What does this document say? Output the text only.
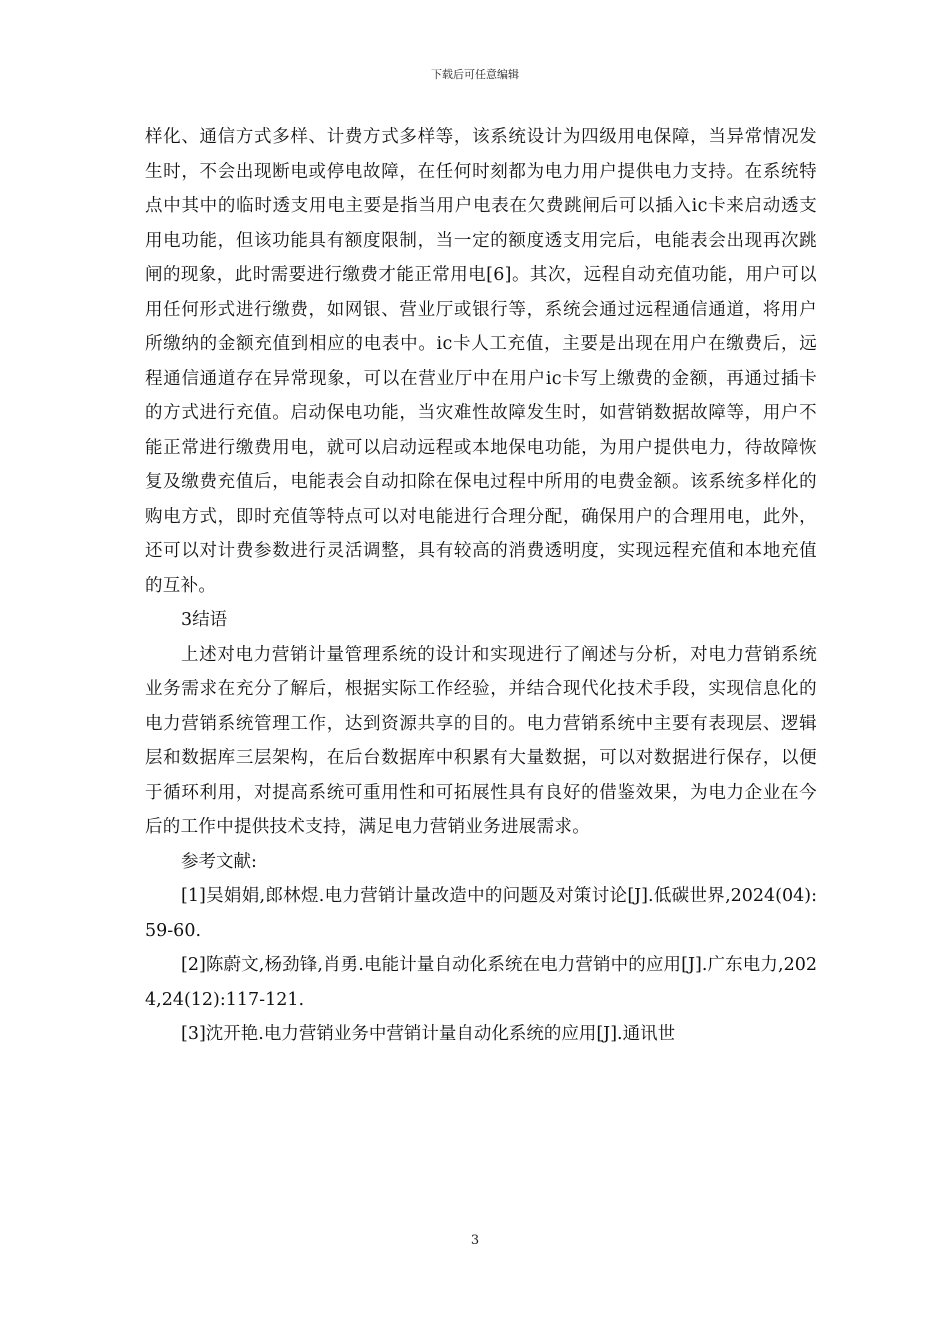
下载后可任意编辑

样化、通信方式多样、计费方式多样等，该系统设计为四级用电保障，当异常情况发生时，不会出现断电或停电故障，在任何时刻都为电力用户提供电力支持。在系统特点中其中的临时透支用电主要是指当用户电表在欠费跳闸后可以插入ic卡来启动透支用电功能，但该功能具有额度限制，当一定的额度透支用完后，电能表会出现再次跳闸的现象，此时需要进行缴费才能正常用电[6]。其次，远程自动充值功能，用户可以用任何形式进行缴费，如网银、营业厅或银行等，系统会通过远程通信通道，将用户所缴纳的金额充值到相应的电表中。ic卡人工充值，主要是出现在用户在缴费后，远程通信通道存在异常现象，可以在营业厅中在用户ic卡写上缴费的金额，再通过插卡的方式进行充值。启动保电功能，当灾难性故障发生时，如营销数据故障等，用户不能正常进行缴费用电，就可以启动远程或本地保电功能，为用户提供电力，待故障恢复及缴费充值后，电能表会自动扣除在保电过程中所用的电费金额。该系统多样化的购电方式，即时充值等特点可以对电能进行合理分配，确保用户的合理用电，此外，还可以对计费参数进行灵活调整，具有较高的消费透明度，实现远程充值和本地充值的互补。

3结语

上述对电力营销计量管理系统的设计和实现进行了阐述与分析，对电力营销系统业务需求在充分了解后，根据实际工作经验，并结合现代化技术手段，实现信息化的电力营销系统管理工作，达到资源共享的目的。电力营销系统中主要有表现层、逻辑层和数据库三层架构，在后台数据库中积累有大量数据，可以对数据进行保存，以便于循环利用，对提高系统可重用性和可拓展性具有良好的借鉴效果，为电力企业在今后的工作中提供技术支持，满足电力营销业务进展需求。

参考文献:

[1]吴娟娟,郎林煜.电力营销计量改造中的问题及对策讨论[J].低碳世界,2024(04):59-60.

[2]陈蔚文,杨劲锋,肖勇.电能计量自动化系统在电力营销中的应用[J].广东电力,2024,24(12):117-121.

[3]沈开艳.电力营销业务中营销计量自动化系统的应用[J].通讯世

3
